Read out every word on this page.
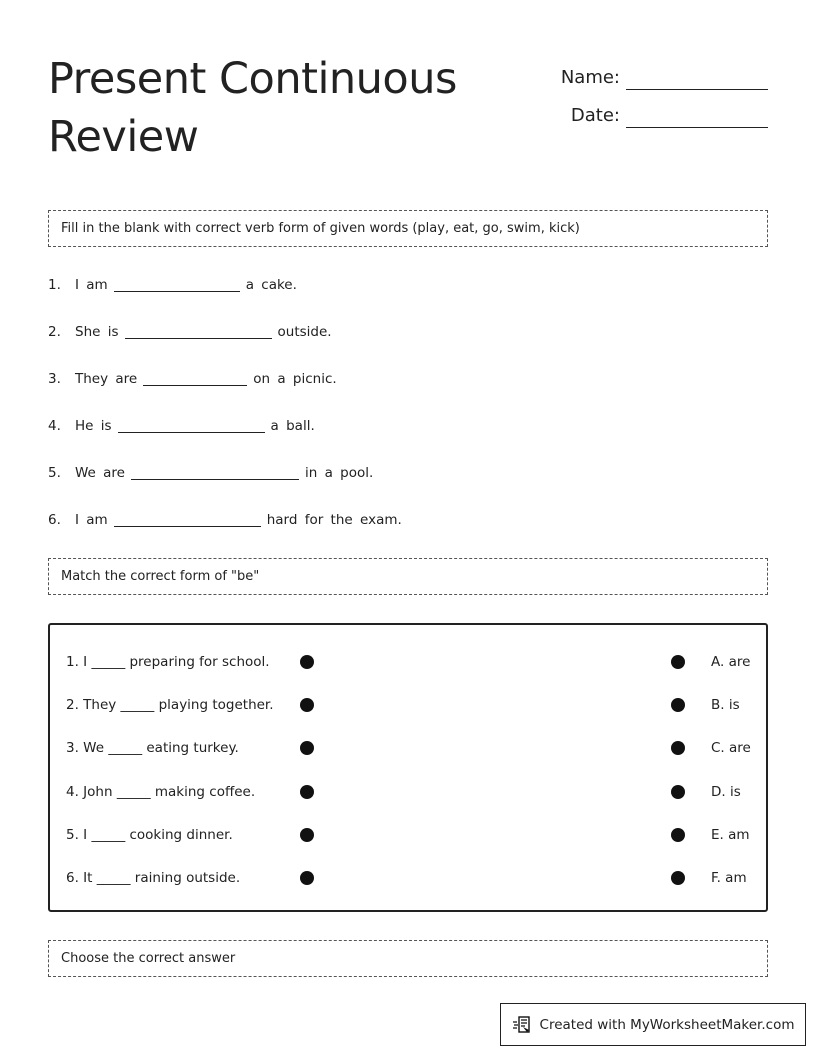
Present Continuous
Review
Name:
Date:
Fill in the blank with correct verb form of given words (play, eat, go, swim, kick)
1.	I am	a cake.
2.	She is	outside.
3.	They are	on a picnic.
4.	He is	a ball.
5.	We are	in a pool.
6.	I am	hard for the exam.
Match the correct form of "be"
1. I _____ preparing for school.	A. are
2. They _____ playing together.	B. is
3. We _____ eating turkey.	C. are
4. John _____ making coffee.	D. is
5. I _____ cooking dinner.	E. am
6. It _____ raining outside.	F. am
Choose the correct answer
Created with MyWorksheetMaker.com
